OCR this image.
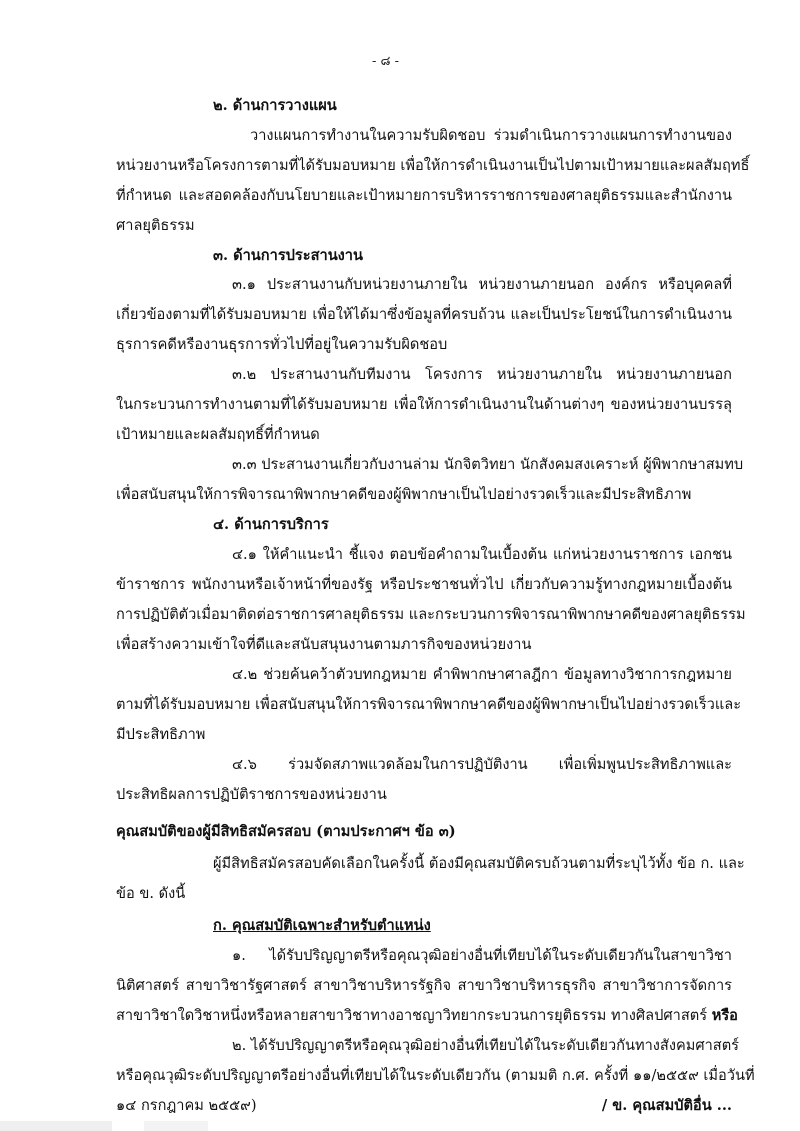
- ๘ -
๒. ด้านการวางแผน
วางแผนการทำงานในความรับผิดชอบ ร่วมดำเนินการวางแผนการทำงานของ
หน่วยงานหรือโครงการตามที่ได้รับมอบหมาย เพื่อให้การดำเนินงานเป็นไปตามเป้าหมายและผลสัมฤทธิ์
ที่กำหนด และสอดคล้องกับนโยบายและเป้าหมายการบริหารราชการของศาลยุติธรรมและสำนักงาน
ศาลยุติธรรม
๓. ด้านการประสานงาน
๓.๑ ประสานงานกับหน่วยงานภายใน หน่วยงานภายนอก องค์กร หรือบุคคลที่
เกี่ยวข้องตามที่ได้รับมอบหมาย เพื่อให้ได้มาซึ่งข้อมูลที่ครบถ้วน และเป็นประโยชน์ในการดำเนินงาน
ธุรการคดีหรืองานธุรการทั่วไปที่อยู่ในความรับผิดชอบ
๓.๒ ประสานงานกับทีมงาน โครงการ หน่วยงานภายใน หน่วยงานภายนอก
ในกระบวนการทำงานตามที่ได้รับมอบหมาย เพื่อให้การดำเนินงานในด้านต่างๆ ของหน่วยงานบรรลุ
เป้าหมายและผลสัมฤทธิ์ที่กำหนด
๓.๓ ประสานงานเกี่ยวกับงานล่าม นักจิตวิทยา นักสังคมสงเคราะห์ ผู้พิพากษาสมทบ
เพื่อสนับสนุนให้การพิจารณาพิพากษาคดีของผู้พิพากษาเป็นไปอย่างรวดเร็วและมีประสิทธิภาพ
๔. ด้านการบริการ
๔.๑ ให้คำแนะนำ ชี้แจง ตอบข้อคำถามในเบื้องต้น แก่หน่วยงานราชการ เอกชน
ข้าราชการ พนักงานหรือเจ้าหน้าที่ของรัฐ หรือประชาชนทั่วไป เกี่ยวกับความรู้ทางกฎหมายเบื้องต้น
การปฏิบัติตัวเมื่อมาติดต่อราชการศาลยุติธรรม และกระบวนการพิจารณาพิพากษาคดีของศาลยุติธรรม
เพื่อสร้างความเข้าใจที่ดีและสนับสนุนงานตามภารกิจของหน่วยงาน
๔.๒ ช่วยค้นคว้าตัวบทกฎหมาย คำพิพากษาศาลฎีกา ข้อมูลทางวิชาการกฎหมาย
ตามที่ได้รับมอบหมาย เพื่อสนับสนุนให้การพิจารณาพิพากษาคดีของผู้พิพากษาเป็นไปอย่างรวดเร็วและ
มีประสิทธิภาพ
๔.๖ ร่วมจัดสภาพแวดล้อมในการปฏิบัติงาน เพื่อเพิ่มพูนประสิทธิภาพและ
ประสิทธิผลการปฏิบัติราชการของหน่วยงาน
คุณสมบัติของผู้มีสิทธิสมัครสอบ (ตามประกาศฯ ข้อ ๓)
ผู้มีสิทธิสมัครสอบคัดเลือกในครั้งนี้ ต้องมีคุณสมบัติครบถ้วนตามที่ระบุไว้ทั้ง ข้อ ก. และ
ข้อ ข. ดังนี้
ก. คุณสมบัติเฉพาะสำหรับตำแหน่ง
๑. ได้รับปริญญาตรีหรือคุณวุฒิอย่างอื่นที่เทียบได้ในระดับเดียวกันในสาขาวิชา
นิติศาสตร์ สาขาวิชารัฐศาสตร์ สาขาวิชาบริหารรัฐกิจ สาขาวิชาบริหารธุรกิจ สาขาวิชาการจัดการ
สาขาวิชาใดวิชาหนึ่งหรือหลายสาขาวิชาทางอาชญาวิทยากระบวนการยุติธรรม ทางศิลปศาสตร์ หรือ
๒. ได้รับปริญญาตรีหรือคุณวุฒิอย่างอื่นที่เทียบได้ในระดับเดียวกันทางสังคมศาสตร์
หรือคุณวุฒิระดับปริญญาตรีอย่างอื่นที่เทียบได้ในระดับเดียวกัน (ตามมติ ก.ศ. ครั้งที่ ๑๑/๒๕๕๙ เมื่อวันที่
๑๔ กรกฎาคม ๒๕๕๙)	/ ข. คุณสมบัติอื่น ...
